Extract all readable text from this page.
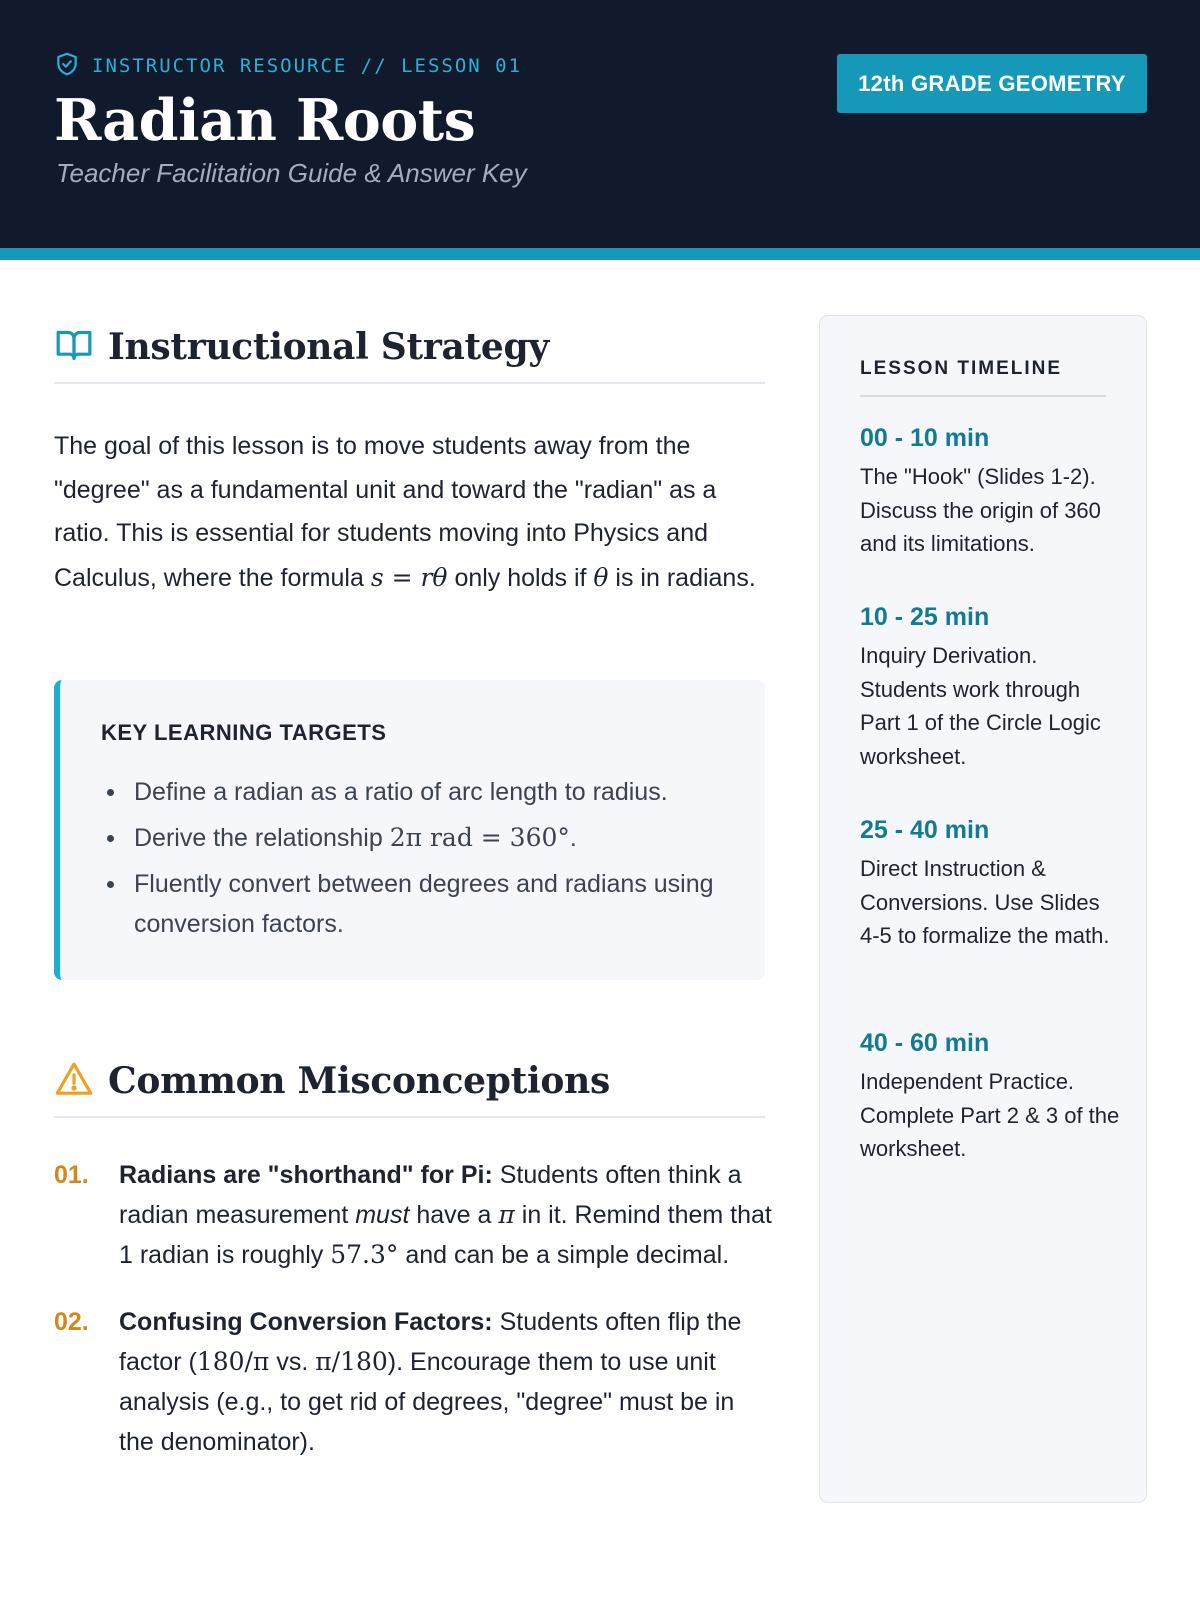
INSTRUCTOR RESOURCE // LESSON 01
Radian Roots
Teacher Facilitation Guide & Answer Key
12th GRADE GEOMETRY
Instructional Strategy

The goal of this lesson is to move students away from the "degree" as a fundamental unit and toward the "radian" as a ratio. This is essential for students moving into Physics and Calculus, where the formula s = rθ only holds if θ is in radians.

KEY LEARNING TARGETS
Define a radian as a ratio of arc length to radius.
Derive the relationship 2π rad = 360°.
Fluently convert between degrees and radians using conversion factors.
Common Misconceptions
01. Radians are "shorthand" for Pi: Students often think a radian measurement must have a π in it. Remind them that 1 radian is roughly 57.3° and can be a simple decimal.
02. Confusing Conversion Factors: Students often flip the factor (180/π vs. π/180). Encourage them to use unit analysis (e.g., to get rid of degrees, "degree" must be in the denominator).
LESSON TIMELINE
00 - 10 min
The "Hook" (Slides 1-2). Discuss the origin of 360 and its limitations.
10 - 25 min
Inquiry Derivation. Students work through Part 1 of the Circle Logic worksheet.
25 - 40 min
Direct Instruction & Conversions. Use Slides 4-5 to formalize the math.
40 - 60 min
Independent Practice. Complete Part 2 & 3 of the worksheet.
